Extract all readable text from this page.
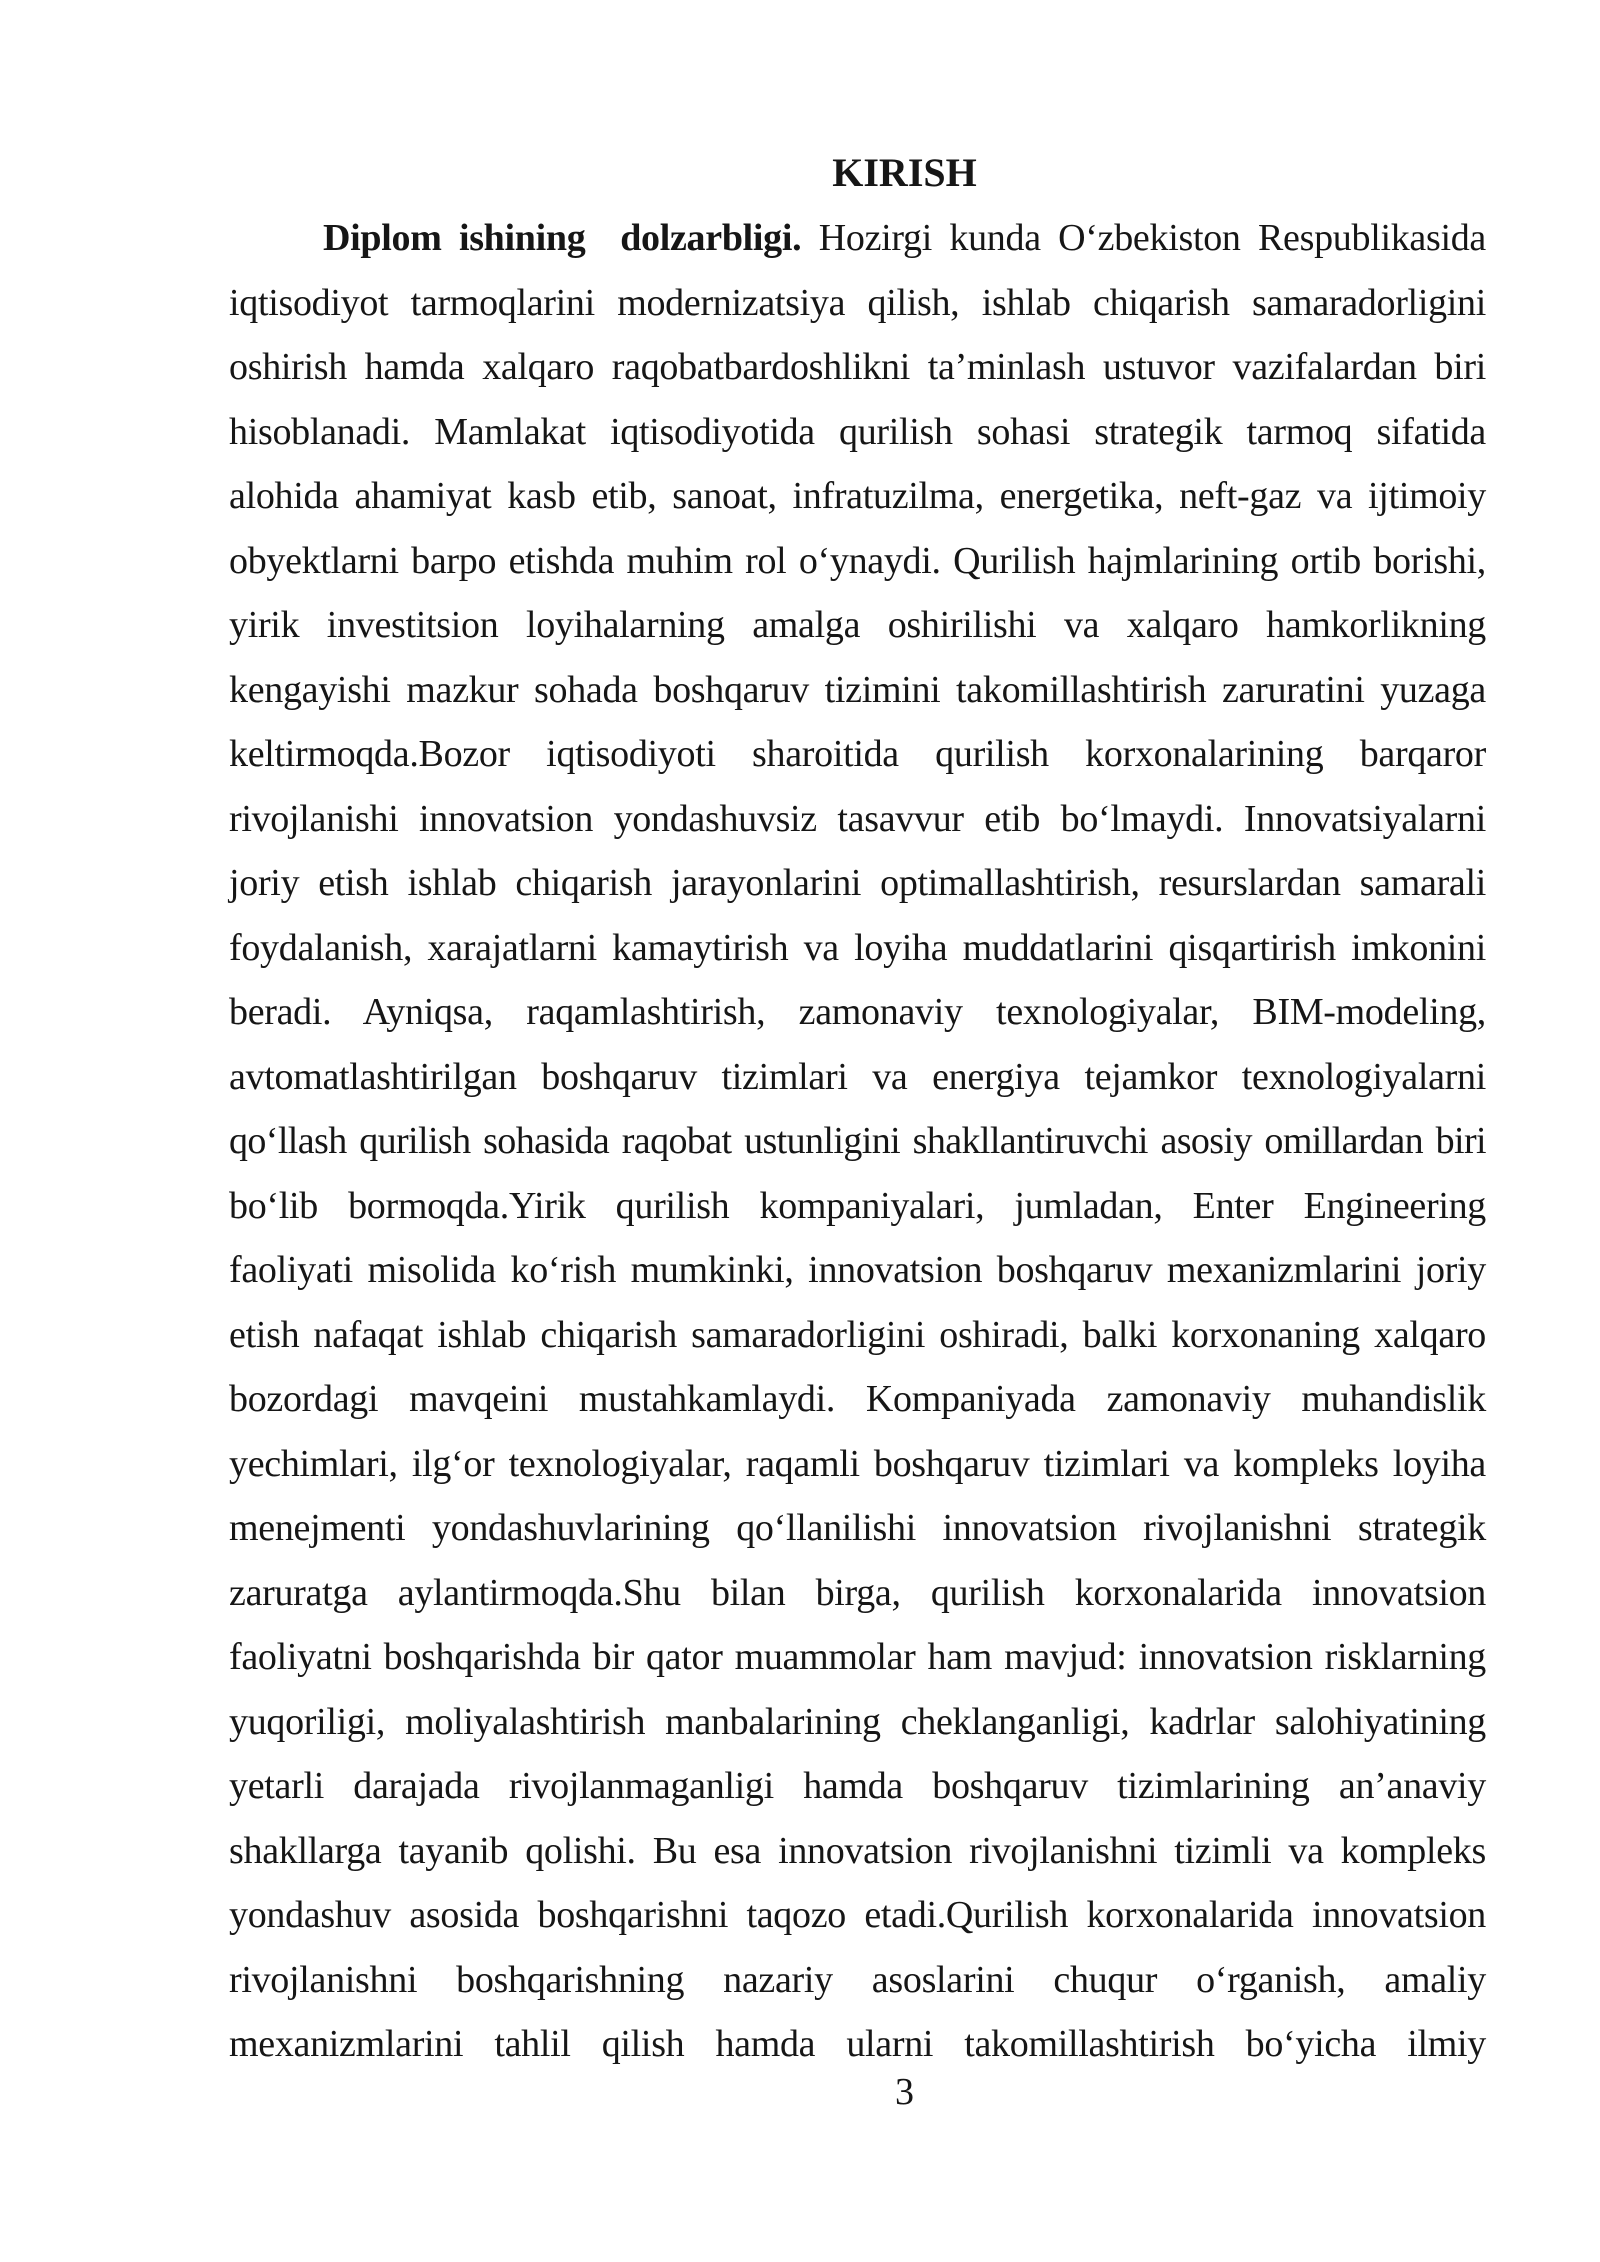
KIRISH
Diplom ishining  dolzarbligi. Hozirgi kunda O‘zbekiston Respublikasida
iqtisodiyot tarmoqlarini modernizatsiya qilish, ishlab chiqarish samaradorligini
oshirish hamda xalqaro raqobatbardoshlikni ta’minlash ustuvor vazifalardan biri
hisoblanadi. Mamlakat iqtisodiyotida qurilish sohasi strategik tarmoq sifatida
alohida ahamiyat kasb etib, sanoat, infratuzilma, energetika, neft-gaz va ijtimoiy
obyektlarni barpo etishda muhim rol o‘ynaydi. Qurilish hajmlarining ortib borishi,
yirik investitsion loyihalarning amalga oshirilishi va xalqaro hamkorlikning
kengayishi mazkur sohada boshqaruv tizimini takomillashtirish zaruratini yuzaga
keltirmoqda.Bozor iqtisodiyoti sharoitida qurilish korxonalarining barqaror
rivojlanishi innovatsion yondashuvsiz tasavvur etib bo‘lmaydi. Innovatsiyalarni
joriy etish ishlab chiqarish jarayonlarini optimallashtirish, resurslardan samarali
foydalanish, xarajatlarni kamaytirish va loyiha muddatlarini qisqartirish imkonini
beradi. Ayniqsa, raqamlashtirish, zamonaviy texnologiyalar, BIM-modeling,
avtomatlashtirilgan boshqaruv tizimlari va energiya tejamkor texnologiyalarni
qo‘llash qurilish sohasida raqobat ustunligini shakllantiruvchi asosiy omillardan biri
bo‘lib bormoqda.Yirik qurilish kompaniyalari, jumladan, Enter Engineering
faoliyati misolida ko‘rish mumkinki, innovatsion boshqaruv mexanizmlarini joriy
etish nafaqat ishlab chiqarish samaradorligini oshiradi, balki korxonaning xalqaro
bozordagi mavqeini mustahkamlaydi. Kompaniyada zamonaviy muhandislik
yechimlari, ilg‘or texnologiyalar, raqamli boshqaruv tizimlari va kompleks loyiha
menejmenti yondashuvlarining qo‘llanilishi innovatsion rivojlanishni strategik
zaruratga aylantirmoqda.Shu bilan birga, qurilish korxonalarida innovatsion
faoliyatni boshqarishda bir qator muammolar ham mavjud: innovatsion risklarning
yuqoriligi, moliyalashtirish manbalarining cheklanganligi, kadrlar salohiyatining
yetarli darajada rivojlanmaganligi hamda boshqaruv tizimlarining an’anaviy
shakllarga tayanib qolishi. Bu esa innovatsion rivojlanishni tizimli va kompleks
yondashuv asosida boshqarishni taqozo etadi.Qurilish korxonalarida innovatsion
rivojlanishni boshqarishning nazariy asoslarini chuqur o‘rganish, amaliy
mexanizmlarini tahlil qilish hamda ularni takomillashtirish bo‘yicha ilmiy
3
